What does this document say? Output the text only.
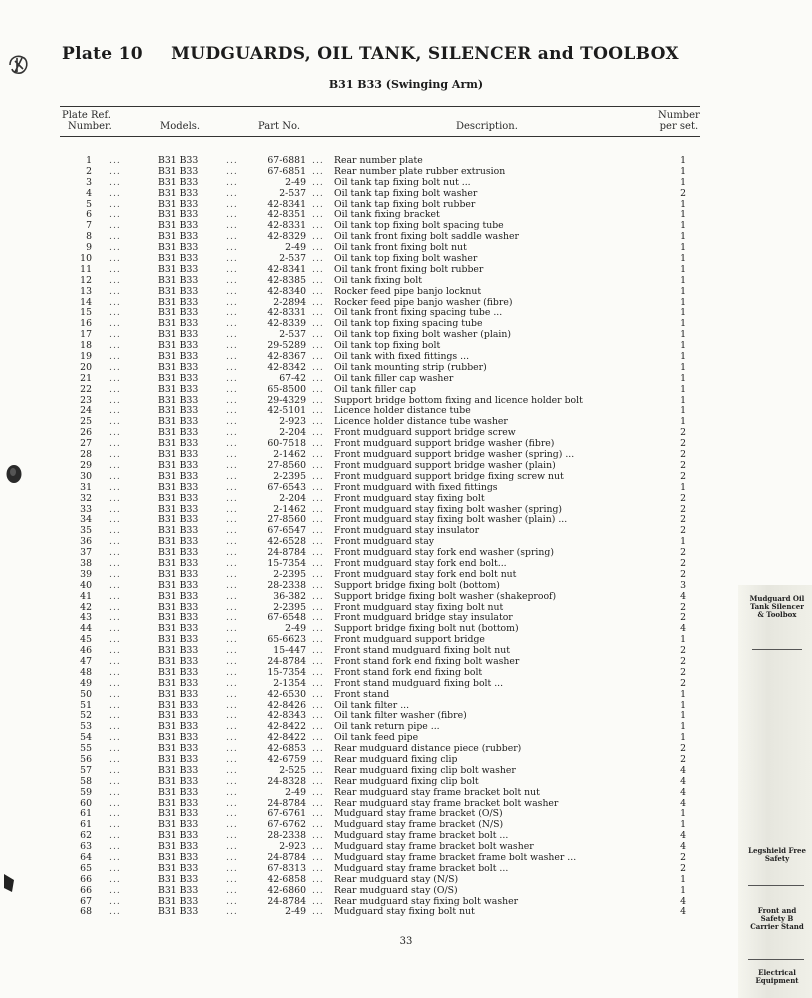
Plate 10 MUDGUARDS, OIL TANK, SILENCER and TOOLBOX
B31 B33 (Swinging Arm)
Plate Ref.
Number.	Models.	Part No.	Description.
Number
per set.
1 ...	B31 B33	...	67-6881 ... Rear number plate	1
2 ...	B31 B33	...	67-6851 ... Rear number plate rubber extrusion	1
3 ...	B31 B33	...	2-49 ... Oil tank tap fixing bolt nut ...	1
4 ...	B31 B33	...	2-537 ... Oil tank tap fixing bolt washer	2
5 ...	B31 B33	...	42-8341 ... Oil tank tap fixing bolt rubber	1
6 ...	B31 B33	...	42-8351 ... Oil tank fixing bracket	1
7 ...	B31 B33	...	42-8331 ... Oil tank top fixing bolt spacing tube	1
8 ...	B31 B33	...	42-8329 ... Oil tank front fixing bolt saddle washer	1
9 ...	B31 B33	...	2-49 ... Oil tank front fixing bolt nut	1
10 ...	B31 B33	...	2-537 ... Oil tank top fixing bolt washer	1
11 ...	B31 B33	...	42-8341 ... Oil tank front fixing bolt rubber	1
12 ...	B31 B33	...	42-8385 ... Oil tank fixing bolt	1
13 ...	B31 B33	...	42-8340 ... Rocker feed pipe banjo locknut	1
14 ...	B31 B33	...	2-2894 ... Rocker feed pipe banjo washer (fibre)	1
15 ...	B31 B33	...	42-8331 ... Oil tank front fixing spacing tube ...	1
16 ...	B31 B33	...	42-8339 ... Oil tank top fixing spacing tube	1
17 ...	B31 B33	...	2-537 ... Oil tank top fixing bolt washer (plain)	1
18 ...	B31 B33	...	29-5289 ... Oil tank top fixing bolt	1
19 ...	B31 B33	...	42-8367 ... Oil tank with fixed fittings ...	1
20 ...	B31 B33	...	42-8342 ... Oil tank mounting strip (rubber)	1
21 ...	B31 B33	...	67-42 ... Oil tank filler cap washer	1
22 ...	B31 B33	...	65-8500 ... Oil tank filler cap	1
23 ...	B31 B33	...	29-4329 ... Support bridge bottom fixing and licence holder bolt	1
24 ...	B31 B33	...	42-5101 ... Licence holder distance tube	1
25 ...	B31 B33	...	2-923 ... Licence holder distance tube washer	1
26 ...	B31 B33	...	2-204 ... Front mudguard support bridge screw	2
27 ...	B31 B33	...	60-7518 ... Front mudguard support bridge washer (fibre)	2
28 ...	B31 B33	...	2-1462 ... Front mudguard support bridge washer (spring) ...	2
29 ...	B31 B33	...	27-8560 ... Front mudguard support bridge washer (plain)	2
30 ...	B31 B33	...	2-2395 ... Front mudguard support bridge fixing screw nut	2
31 ...	B31 B33	...	67-6543 ... Front mudguard with fixed fittings	1
32 ...	B31 B33	...	2-204 ... Front mudguard stay fixing bolt	2
33 ...	B31 B33	...	2-1462 ... Front mudguard stay fixing bolt washer (spring)	2
34 ...	B31 B33	...	27-8560 ... Front mudguard stay fixing bolt washer (plain) ...	2
35 ...	B31 B33	...	67-6547 ... Front mudguard stay insulator	2
36 ...	B31 B33	...	42-6528 ... Front mudguard stay	1
37 ...	B31 B33	...	24-8784 ... Front mudguard stay fork end washer (spring)	2
38 ...	B31 B33	...	15-7354 ... Front mudguard stay fork end bolt...	2
39 ...	B31 B33	...	2-2395 ... Front mudguard stay fork end bolt nut	2
40 ...	B31 B33	...	28-2338 ... Support bridge fixing bolt (bottom)	3
41 ...	B31 B33	...	36-382 ... Support bridge fixing bolt washer (shakeproof)	4
42 ...	B31 B33	...	2-2395 ... Front mudguard stay fixing bolt nut	2
43 ...	B31 B33	...	67-6548 ... Front mudguard bridge stay insulator	2
44 ...	B31 B33	...	2-49 ... Support bridge fixing bolt nut (bottom)	4
45 ...	B31 B33	...	65-6623 ... Front mudguard support bridge	1
46 ...	B31 B33	...	15-447 ... Front stand mudguard fixing bolt nut	2
47 ...	B31 B33	...	24-8784 ... Front stand fork end fixing bolt washer	2
48 ...	B31 B33	...	15-7354 ... Front stand fork end fixing bolt	2
49 ...	B31 B33	...	2-1354 ... Front stand mudguard fixing bolt ...	2
50 ...	B31 B33	...	42-6530 ... Front stand	1
51 ...	B31 B33	...	42-8426 ... Oil tank filter ...	1
52 ...	B31 B33	...	42-8343 ... Oil tank filter washer (fibre)	1
53 ...	B31 B33	...	42-8422 ... Oil tank return pipe ...	1
54 ...	B31 B33	...	42-8422 ... Oil tank feed pipe	1
55 ...	B31 B33	...	42-6853 ... Rear mudguard distance piece (rubber)	2
56 ...	B31 B33	...	42-6759 ... Rear mudguard fixing clip	2
57 ...	B31 B33	...	2-525 ... Rear mudguard fixing clip bolt washer	4
58 ...	B31 B33	...	24-8328 ... Rear mudguard fixing clip bolt	4
59 ...	B31 B33	...	2-49 ... Rear mudguard stay frame bracket bolt nut	4
60 ...	B31 B33	...	24-8784 ... Rear mudguard stay frame bracket bolt washer	4
61 ...	B31 B33	...	67-6761 ... Mudguard stay frame bracket (O/S)	1
61 ...	B31 B33	...	67-6762 ... Mudguard stay frame bracket (N/S)	1
62 ...	B31 B33	...	28-2338 ... Mudguard stay frame bracket bolt ...	4
63 ...	B31 B33	...	2-923 ... Mudguard stay frame bracket bolt washer	4
64 ...	B31 B33	...	24-8784 ... Mudguard stay frame bracket frame bolt washer ...	2
65 ...	B31 B33	...	67-8313 ... Mudguard stay frame bracket bolt ...	2
66 ...	B31 B33	...	42-6858 ... Rear mudguard stay (N/S)	1
66 ...	B31 B33	...	42-6860 ... Rear mudguard stay (O/S)	1
67 ...	B31 B33	...	24-8784 ... Rear mudguard stay fixing bolt washer	4
68 ...	B31 B33	...	2-49 ... Mudguard stay fixing bolt nut	4
33
Mudguard Oil Tank Silencer & Toolbox
Legshield Free Safety
Front and Safety B Carrier Stand
Electrical Equipment
